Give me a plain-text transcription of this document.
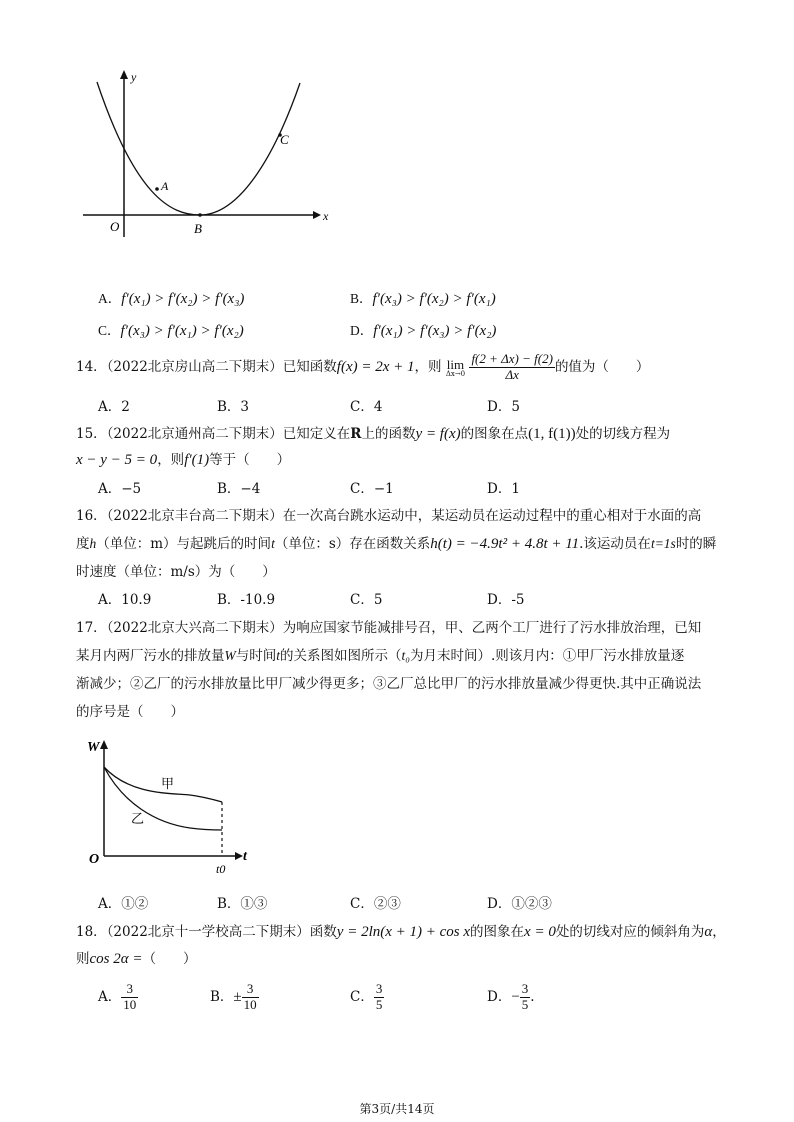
y
x
O
A
B
C
A．f′(x₁) > f′(x₂) > f′(x₃)	B．f′(x₃) > f′(x₂) > f′(x₁)
C．f′(x₃) > f′(x₁) > f′(x₂)	D．f′(x₁) > f′(x₃) > f′(x₂)
14．（2022北京房山高二下期末）已知函数f(x) = 2x + 1，则 lim
Δx→0
$\frac{f(2 + \Delta x) - f(2)}{\Delta x}$ 的值为（　　）
A．2	B．3	C．4	D．5
15．（2022北京通州高二下期末）已知定义在R上的函数y = f(x)的图象在点(1, f(1))处的切线方程为
x − y − 5 = 0，则f′(1)等于（　　）
A．−5	B．−4	C．−1	D．1
16．（2022北京丰台高二下期末）在一次高台跳水运动中，某运动员在运动过程中的重心相对于水面的高
度h（单位：m）与起跳后的时间t（单位：s）存在函数关系h(t) = −4.9t² + 4.8t + 11.该运动员在t=1s时的瞬
时速度（单位：m/s）为（　　）
A．10.9	B．-10.9	C．5	D．-5
17．（2022北京大兴高二下期末）为响应国家节能减排号召，甲、乙两个工厂进行了污水排放治理，已知
某月内两厂污水的排放量W与时间t的关系图如图所示（t₀为月末时间）.则该月内：①甲厂污水排放量逐
渐减少；②乙厂的污水排放量比甲厂减少得更多；③乙厂总比甲厂的污水排放量减少得更快.其中正确说法
的序号是（　　）
W
甲
乙
O	t
t0
A．①②	B．①③	C．②③	D．①②③
18．（2022北京十一学校高二下期末）函数y = 2ln(x + 1) + cos x的图象在x = 0处的切线对应的倾斜角为α，
则cos 2α =（　　）
A． $\frac{3}{10}$	B．± $\frac{3}{10}$	C． $\frac{3}{5}$	D．− $\frac{3}{5}$ .
第3页/共14页
